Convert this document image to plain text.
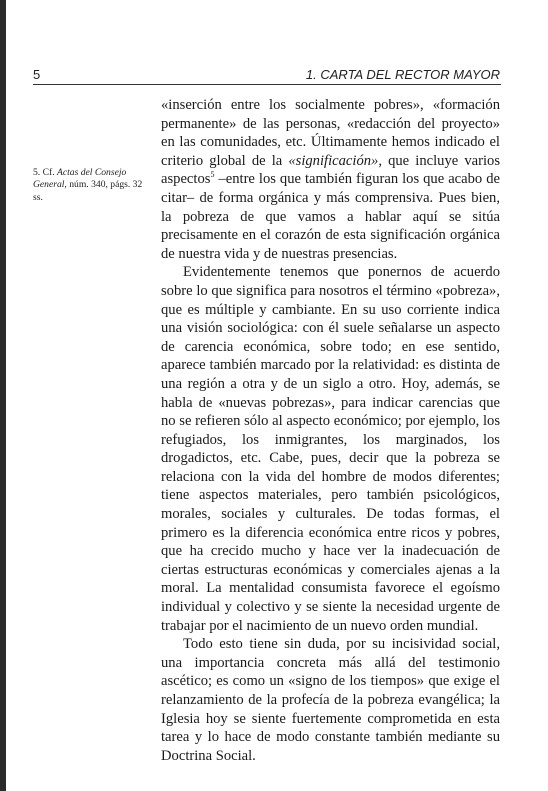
5	1. CARTA DEL RECTOR MAYOR
5. Cf. Actas del Consejo General, núm. 340, págs. 32 ss.

«inserción entre los socialmente pobres», «formación permanente» de las personas, «redacción del proyecto» en las comunidades, etc. Últimamente hemos indicado el criterio global de la «significación», que incluye varios aspectos$^5$ –entre los que también figuran los que acabo de citar– de forma orgánica y más comprensiva. Pues bien, la pobreza de que vamos a hablar aquí se sitúa precisamente en el corazón de esta significación orgánica de nuestra vida y de nuestras presencias.

Evidentemente tenemos que ponernos de acuerdo sobre lo que significa para nosotros el término «pobreza», que es múltiple y cambiante. En su uso corriente indica una visión sociológica: con él suele señalarse un aspecto de carencia económica, sobre todo; en ese sentido, aparece también marcado por la relatividad: es distinta de una región a otra y de un siglo a otro. Hoy, además, se habla de «nuevas pobrezas», para indicar carencias que no se refieren sólo al aspecto económico; por ejemplo, los refugiados, los inmigrantes, los marginados, los drogadictos, etc. Cabe, pues, decir que la pobreza se relaciona con la vida del hombre de modos diferentes; tiene aspectos materiales, pero también psicológicos, morales, sociales y culturales. De todas formas, el primero es la diferencia económica entre ricos y pobres, que ha crecido mucho y hace ver la inadecuación de ciertas estructuras económicas y comerciales ajenas a la moral. La mentalidad consumista favorece el egoísmo individual y colectivo y se siente la necesidad urgente de trabajar por el nacimiento de un nuevo orden mundial.

Todo esto tiene sin duda, por su incisividad social, una importancia concreta más allá del testimonio ascético; es como un «signo de los tiempos» que exige el relanzamiento de la profecía de la pobreza evangélica; la Iglesia hoy se siente fuertemente comprometida en esta tarea y lo hace de modo constante también mediante su Doctrina Social.
